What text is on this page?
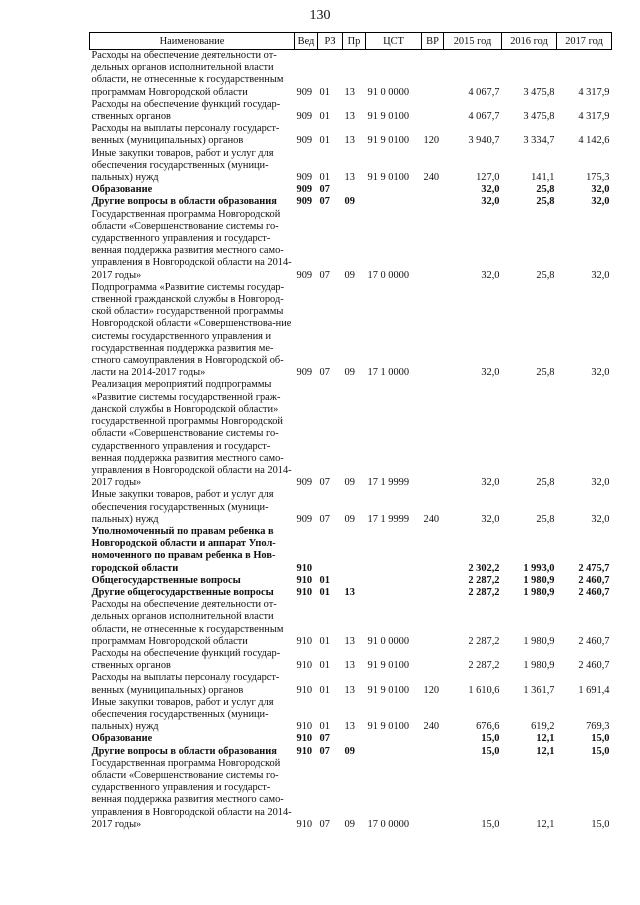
130
Наименование	Вед	РЗ	Пр	ЦСТ	ВР	2015 год	2016 год	2017 год
Расходы на обеспечение деятельности от-дельных органов исполнительной власти области, не отнесенные к государственным программам Новгородской области	909	01	13	91 0 0000		4 067,7	3 475,8	4 317,9
Расходы на обеспечение функций государ-ственных органов	909	01	13	91 9 0100		4 067,7	3 475,8	4 317,9
Расходы на выплаты персоналу государст-венных (муниципальных) органов	909	01	13	91 9 0100	120	3 940,7	3 334,7	4 142,6
Иные закупки товаров, работ и услуг для обеспечения государственных (муници-пальных) нужд	909	01	13	91 9 0100	240	127,0	141,1	175,3
Образование	909	07				32,0	25,8	32,0
Другие вопросы в области образования	909	07	09			32,0	25,8	32,0
Государственная программа Новгородской области «Совершенствование системы го-сударственного управления и государст-венная поддержка развития местного само-управления в Новгородской области на 2014-2017 годы»	909	07	09	17 0 0000		32,0	25,8	32,0
Подпрограмма «Развитие системы государ-ственной гражданской службы в Новгород-ской области» государственной программы Новгородской области «Совершенствова-ние системы государственного управления и государственная поддержка развития ме-стного самоуправления в Новгородской об-ласти на 2014-2017 годы»	909	07	09	17 1 0000		32,0	25,8	32,0
Реализация мероприятий подпрограммы «Развитие системы государственной граж-данской службы в Новгородской области» государственной программы Новгородской области «Совершенствование системы го-сударственного управления и государст-венная поддержка развития местного само-управления в Новгородской области на 2014-2017 годы»	909	07	09	17 1 9999		32,0	25,8	32,0
Иные закупки товаров, работ и услуг для обеспечения государственных (муници-пальных) нужд	909	07	09	17 1 9999	240	32,0	25,8	32,0
Уполномоченный по правам ребенка в Новгородской области и аппарат Упол-номоченного по правам ребенка в Нов-городской области	910					2 302,2	1 993,0	2 475,7
Общегосударственные вопросы	910	01				2 287,2	1 980,9	2 460,7
Другие общегосударственные вопросы	910	01	13			2 287,2	1 980,9	2 460,7
Расходы на обеспечение деятельности от-дельных органов исполнительной власти области, не отнесенные к государственным программам Новгородской области	910	01	13	91 0 0000		2 287,2	1 980,9	2 460,7
Расходы на обеспечение функций государ-ственных органов	910	01	13	91 9 0100		2 287,2	1 980,9	2 460,7
Расходы на выплаты персоналу государст-венных (муниципальных) органов	910	01	13	91 9 0100	120	1 610,6	1 361,7	1 691,4
Иные закупки товаров, работ и услуг для обеспечения государственных (муници-пальных) нужд	910	01	13	91 9 0100	240	676,6	619,2	769,3
Образование	910	07				15,0	12,1	15,0
Другие вопросы в области образования	910	07	09			15,0	12,1	15,0
Государственная программа Новгородской области «Совершенствование системы го-сударственного управления и государст-венная поддержка развития местного само-управления в Новгородской области на 2014-2017 годы»	910	07	09	17 0 0000		15,0	12,1	15,0
